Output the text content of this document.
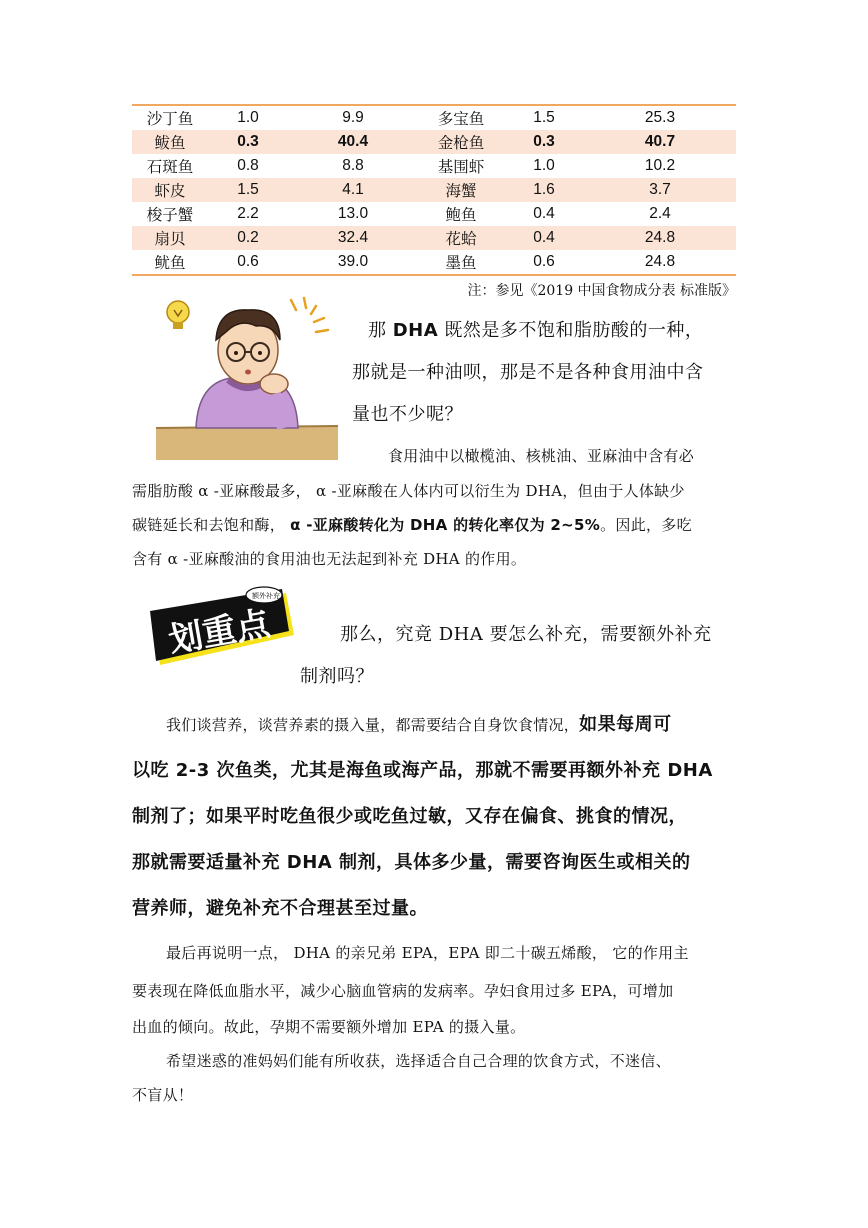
沙丁鱼	1.0	9.9	多宝鱼	1.5	25.3
鲅鱼	0.3	40.4	金枪鱼	0.3	40.7
石斑鱼	0.8	8.8	基围虾	1.0	10.2
虾皮	1.5	4.1	海蟹	1.6	3.7
梭子蟹	2.2	13.0	鲍鱼	0.4	2.4
扇贝	0.2	32.4	花蛤	0.4	24.8
鱿鱼	0.6	39.0	墨鱼	0.6	24.8
注：参见《2019 中国食物成分表 标准版》
那 DHA 既然是多不饱和脂肪酸的一种，
那就是一种油呗，那是不是各种食用油中含
量也不少呢？
食用油中以橄榄油、核桃油、亚麻油中含有必
需脂肪酸 α -亚麻酸最多， α -亚麻酸在人体内可以衍生为 DHA，但由于人体缺少
碳链延长和去饱和酶， α -亚麻酸转化为 DHA 的转化率仅为 2~5%。因此，多吃
含有 α -亚麻酸油的食用油也无法起到补充 DHA 的作用。
划重点
额外补充
那么，究竟 DHA 要怎么补充，需要额外补充
制剂吗？
我们谈营养，谈营养素的摄入量，都需要结合自身饮食情况，如果每周可
以吃 2-3 次鱼类，尤其是海鱼或海产品，那就不需要再额外补充 DHA
制剂了；如果平时吃鱼很少或吃鱼过敏，又存在偏食、挑食的情况，
那就需要适量补充 DHA 制剂，具体多少量，需要咨询医生或相关的
营养师，避免补充不合理甚至过量。
最后再说明一点， DHA 的亲兄弟 EPA，EPA 即二十碳五烯酸， 它的作用主
要表现在降低血脂水平，减少心脑血管病的发病率。孕妇食用过多 EPA，可增加
出血的倾向。故此，孕期不需要额外增加 EPA 的摄入量。
希望迷惑的准妈妈们能有所收获，选择适合自己合理的饮食方式，不迷信、
不盲从！
